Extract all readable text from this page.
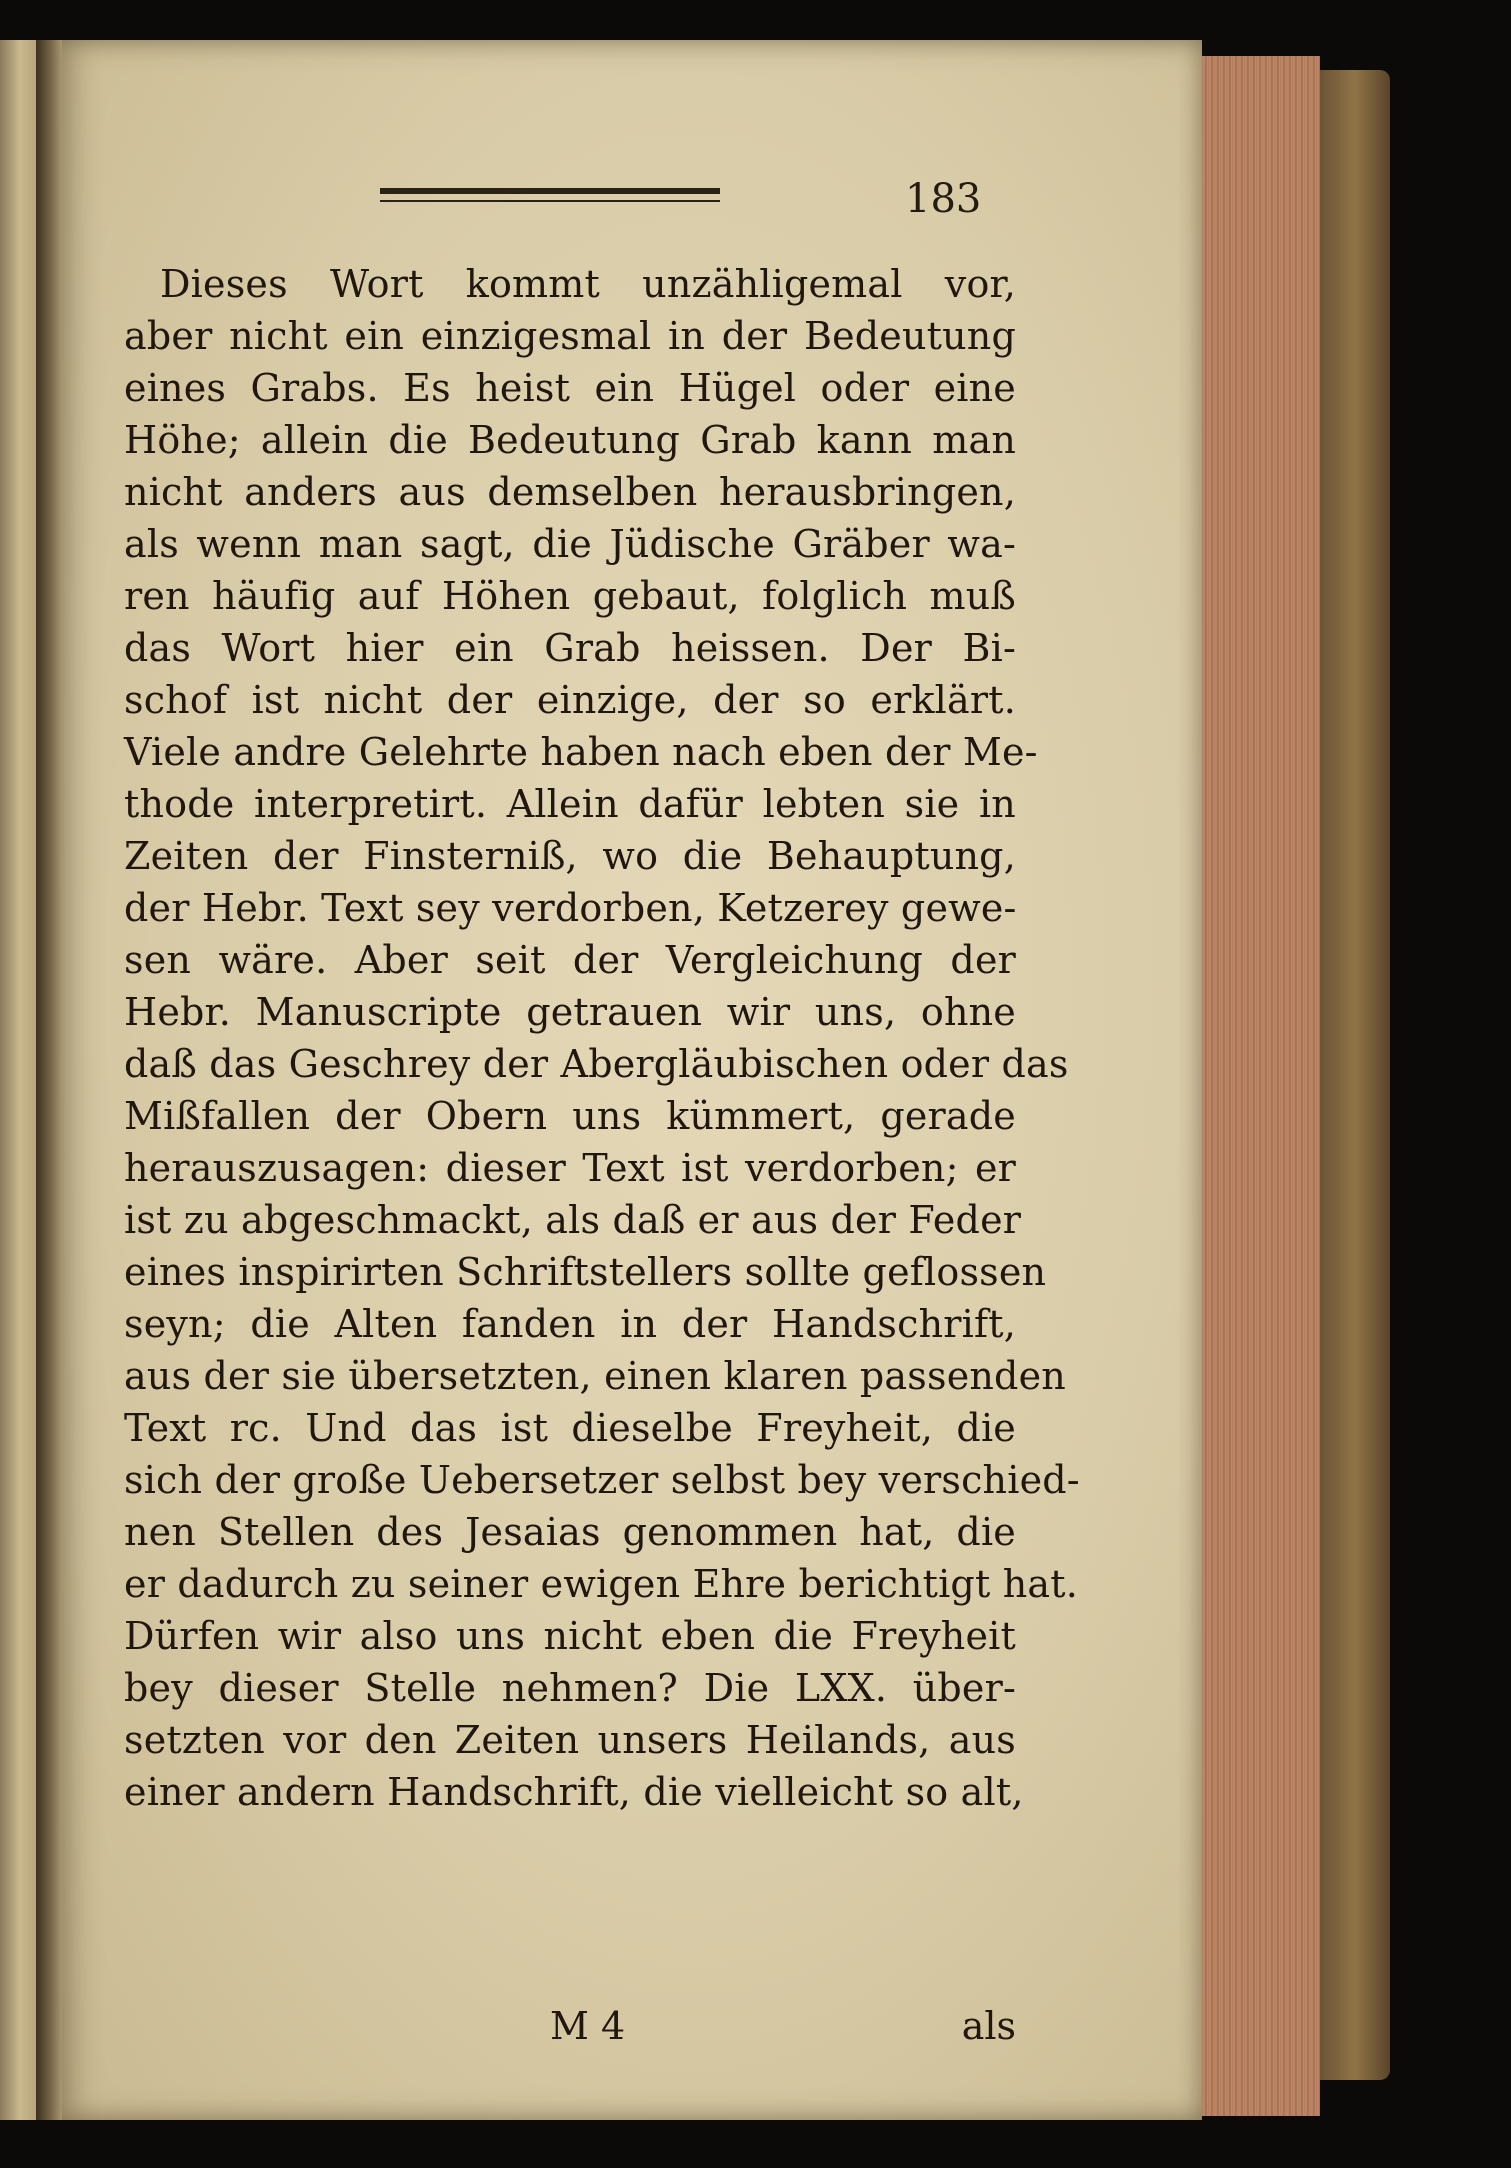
183
Dieses Wort kommt unzähligemal vor,
aber nicht ein einzigesmal in der Bedeutung
eines Grabs. Es heist ein Hügel oder eine
Höhe; allein die Bedeutung Grab kann man
nicht anders aus demselben herausbringen,
als wenn man sagt, die Jüdische Gräber wa-
ren häufig auf Höhen gebaut, folglich muß
das Wort hier ein Grab heissen. Der Bi-
schof ist nicht der einzige, der so erklärt.
Viele andre Gelehrte haben nach eben der Me-
thode interpretirt. Allein dafür lebten sie in
Zeiten der Finsterniß, wo die Behauptung,
der Hebr. Text sey verdorben, Ketzerey gewe-
sen wäre. Aber seit der Vergleichung der
Hebr. Manuscripte getrauen wir uns, ohne
daß das Geschrey der Abergläubischen oder das
Mißfallen der Obern uns kümmert, gerade
herauszusagen: dieser Text ist verdorben; er
ist zu abgeschmackt, als daß er aus der Feder
eines inspirirten Schriftstellers sollte geflossen
seyn; die Alten fanden in der Handschrift,
aus der sie übersetzten, einen klaren passenden
Text rc. Und das ist dieselbe Freyheit, die
sich der große Uebersetzer selbst bey verschied-
nen Stellen des Jesaias genommen hat, die
er dadurch zu seiner ewigen Ehre berichtigt hat.
Dürfen wir also uns nicht eben die Freyheit
bey dieser Stelle nehmen? Die LXX. über-
setzten vor den Zeiten unsers Heilands, aus
einer andern Handschrift, die vielleicht so alt,
M 4	als
